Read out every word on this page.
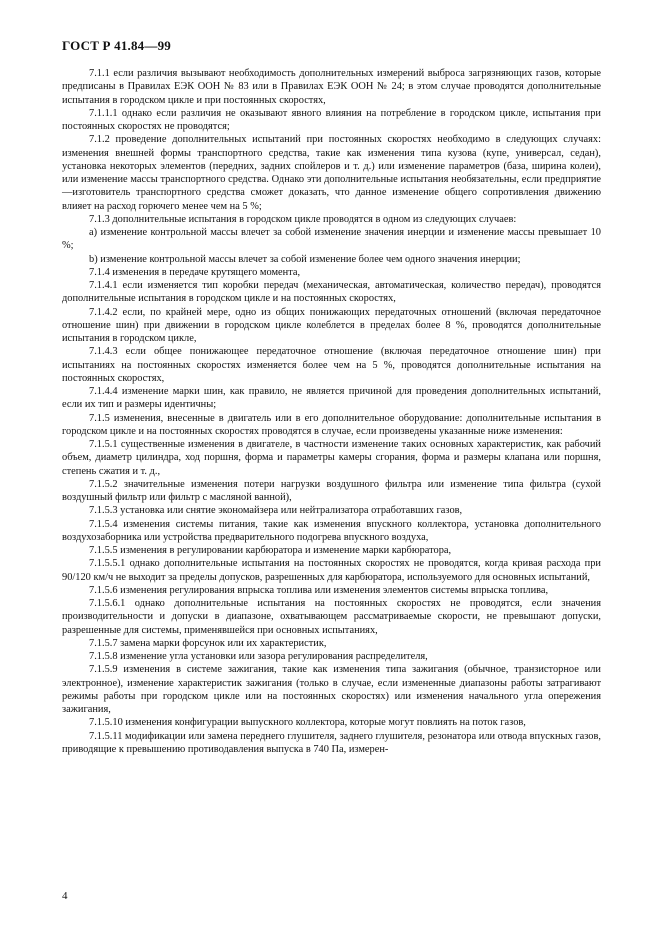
ГОСТ Р 41.84—99

7.1.1 если различия вызывают необходимость дополнительных измерений выброса загрязняющих газов, которые предписаны в Правилах ЕЭК ООН № 83 или в Правилах ЕЭК ООН № 24; в этом случае проводятся дополнительные испытания в городском цикле и при постоянных скоростях,

7.1.1.1 однако если различия не оказывают явного влияния на потребление в городском цикле, испытания при постоянных скоростях не проводятся;

7.1.2 проведение дополнительных испытаний при постоянных скоростях необходимо в следующих случаях: изменения внешней формы транспортного средства, такие как изменения типа кузова (купе, универсал, седан), установка некоторых элементов (передних, задних спойлеров и т. д.) или изменение параметров (база, ширина колеи), или изменение массы транспортного средства. Однако эти дополнительные испытания необязательны, если предприятие—изготовитель транспортного средства сможет доказать, что данное изменение общего сопротивления движению влияет на расход горючего менее чем на 5 %;

7.1.3 дополнительные испытания в городском цикле проводятся в одном из следующих случаев:

а) изменение контрольной массы влечет за собой изменение значения инерции и изменение массы превышает 10 %;

b) изменение контрольной массы влечет за собой изменение более чем одного значения инерции;

7.1.4 изменения в передаче крутящего момента,

7.1.4.1 если изменяется тип коробки передач (механическая, автоматическая, количество передач), проводятся дополнительные испытания в городском цикле и на постоянных скоростях,

7.1.4.2 если, по крайней мере, одно из общих понижающих передаточных отношений (включая передаточное отношение шин) при движении в городском цикле колеблется в пределах более 8 %, проводятся дополнительные испытания в городском цикле,

7.1.4.3 если общее понижающее передаточное отношение (включая передаточное отношение шин) при испытаниях на постоянных скоростях изменяется более чем на 5 %, проводятся дополнительные испытания на постоянных скоростях,

7.1.4.4 изменение марки шин, как правило, не является причиной для проведения дополнительных испытаний, если их тип и размеры идентичны;

7.1.5 изменения, внесенные в двигатель или в его дополнительное оборудование: дополнительные испытания в городском цикле и на постоянных скоростях проводятся в случае, если произведены указанные ниже изменения:

7.1.5.1 существенные изменения в двигателе, в частности изменение таких основных характеристик, как рабочий объем, диаметр цилиндра, ход поршня, форма и параметры камеры сгорания, форма и размеры клапана или поршня, степень сжатия и т. д.,

7.1.5.2 значительные изменения потери нагрузки воздушного фильтра или изменение типа фильтра (сухой воздушный фильтр или фильтр с масляной ванной),

7.1.5.3 установка или снятие экономайзера или нейтрализатора отработавших газов,

7.1.5.4 изменения системы питания, такие как изменения впускного коллектора, установка дополнительного воздухозаборника или устройства предварительного подогрева впускного воздуха,

7.1.5.5 изменения в регулировании карбюратора и изменение марки карбюратора,

7.1.5.5.1 однако дополнительные испытания на постоянных скоростях не проводятся, когда кривая расхода при 90/120 км/ч не выходит за пределы допусков, разрешенных для карбюратора, используемого для основных испытаний,

7.1.5.6 изменения регулирования впрыска топлива или изменения элементов системы впрыска топлива,

7.1.5.6.1 однако дополнительные испытания на постоянных скоростях не проводятся, если значения производительности и допуски в диапазоне, охватывающем рассматриваемые скорости, не превышают допуски, разрешенные для системы, применявшейся при основных испытаниях,

7.1.5.7 замена марки форсунок или их характеристик,

7.1.5.8 изменение угла установки или зазора регулирования распределителя,

7.1.5.9 изменения в системе зажигания, такие как изменения типа зажигания (обычное, транзисторное или электронное), изменение характеристик зажигания (только в случае, если измененные диапазоны работы затрагивают режимы работы при городском цикле или на постоянных скоростях) или изменения начального угла опережения зажигания,

7.1.5.10 изменения конфигурации выпускного коллектора, которые могут повлиять на поток газов,

7.1.5.11 модификации или замена переднего глушителя, заднего глушителя, резонатора или отвода впускных газов, приводящие к превышению противодавления выпуска в 740 Па, измерен-

4
